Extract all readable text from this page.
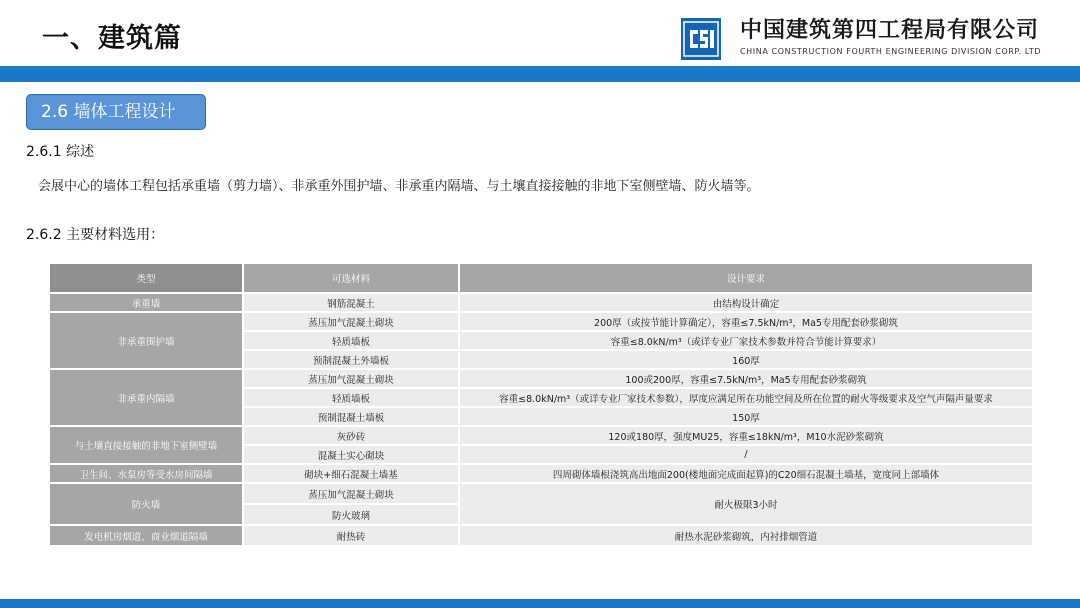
一、建筑篇	中国建筑第四工程局有限公司
CHINA CONSTRUCTION FOURTH ENGINEERING DIVISION CORP. LTD
2.6 墙体工程设计
2.6.1 综述
会展中心的墙体工程包括承重墙（剪力墙）、非承重外围护墙、非承重内隔墙、与土壤直接接触的非地下室侧壁墙、防火墙等。
2.6.2 主要材料选用：
类型	可选材料	设计要求
承重墙	钢筋混凝土	由结构设计确定
非承重围护墙	蒸压加气混凝土砌块	200厚（或按节能计算确定），容重≤7.5kN/m³，Ma5专用配套砂浆砌筑
	轻质墙板	容重≤8.0kN/m³（或详专业厂家技术参数并符合节能计算要求）
	预制混凝土外墙板	160厚
非承重内隔墙	蒸压加气混凝土砌块	100或200厚，容重≤7.5kN/m³，Ma5专用配套砂浆砌筑
	轻质墙板	容重≤8.0kN/m³（或详专业厂家技术参数），厚度应满足所在功能空间及所在位置的耐火等级要求及空气声隔声量要求
	预制混凝土墙板	150厚
与土壤直接接触的非地下室侧壁墙	灰砂砖	120或180厚，强度MU25，容重≤18kN/m³，M10水泥砂浆砌筑
	混凝土实心砌块	/
卫生间、水泵房等受水房间隔墙	砌块+细石混凝土墙基	四周砌体墙根浇筑高出地面200(楼地面完成面起算)的C20细石混凝土墙基，宽度同上部墙体
防火墙	蒸压加气混凝土砌块	耐火极限3小时
	防火玻璃	
发电机房烟道、商业烟道隔墙	耐热砖	耐热水泥砂浆砌筑，内衬排烟管道
